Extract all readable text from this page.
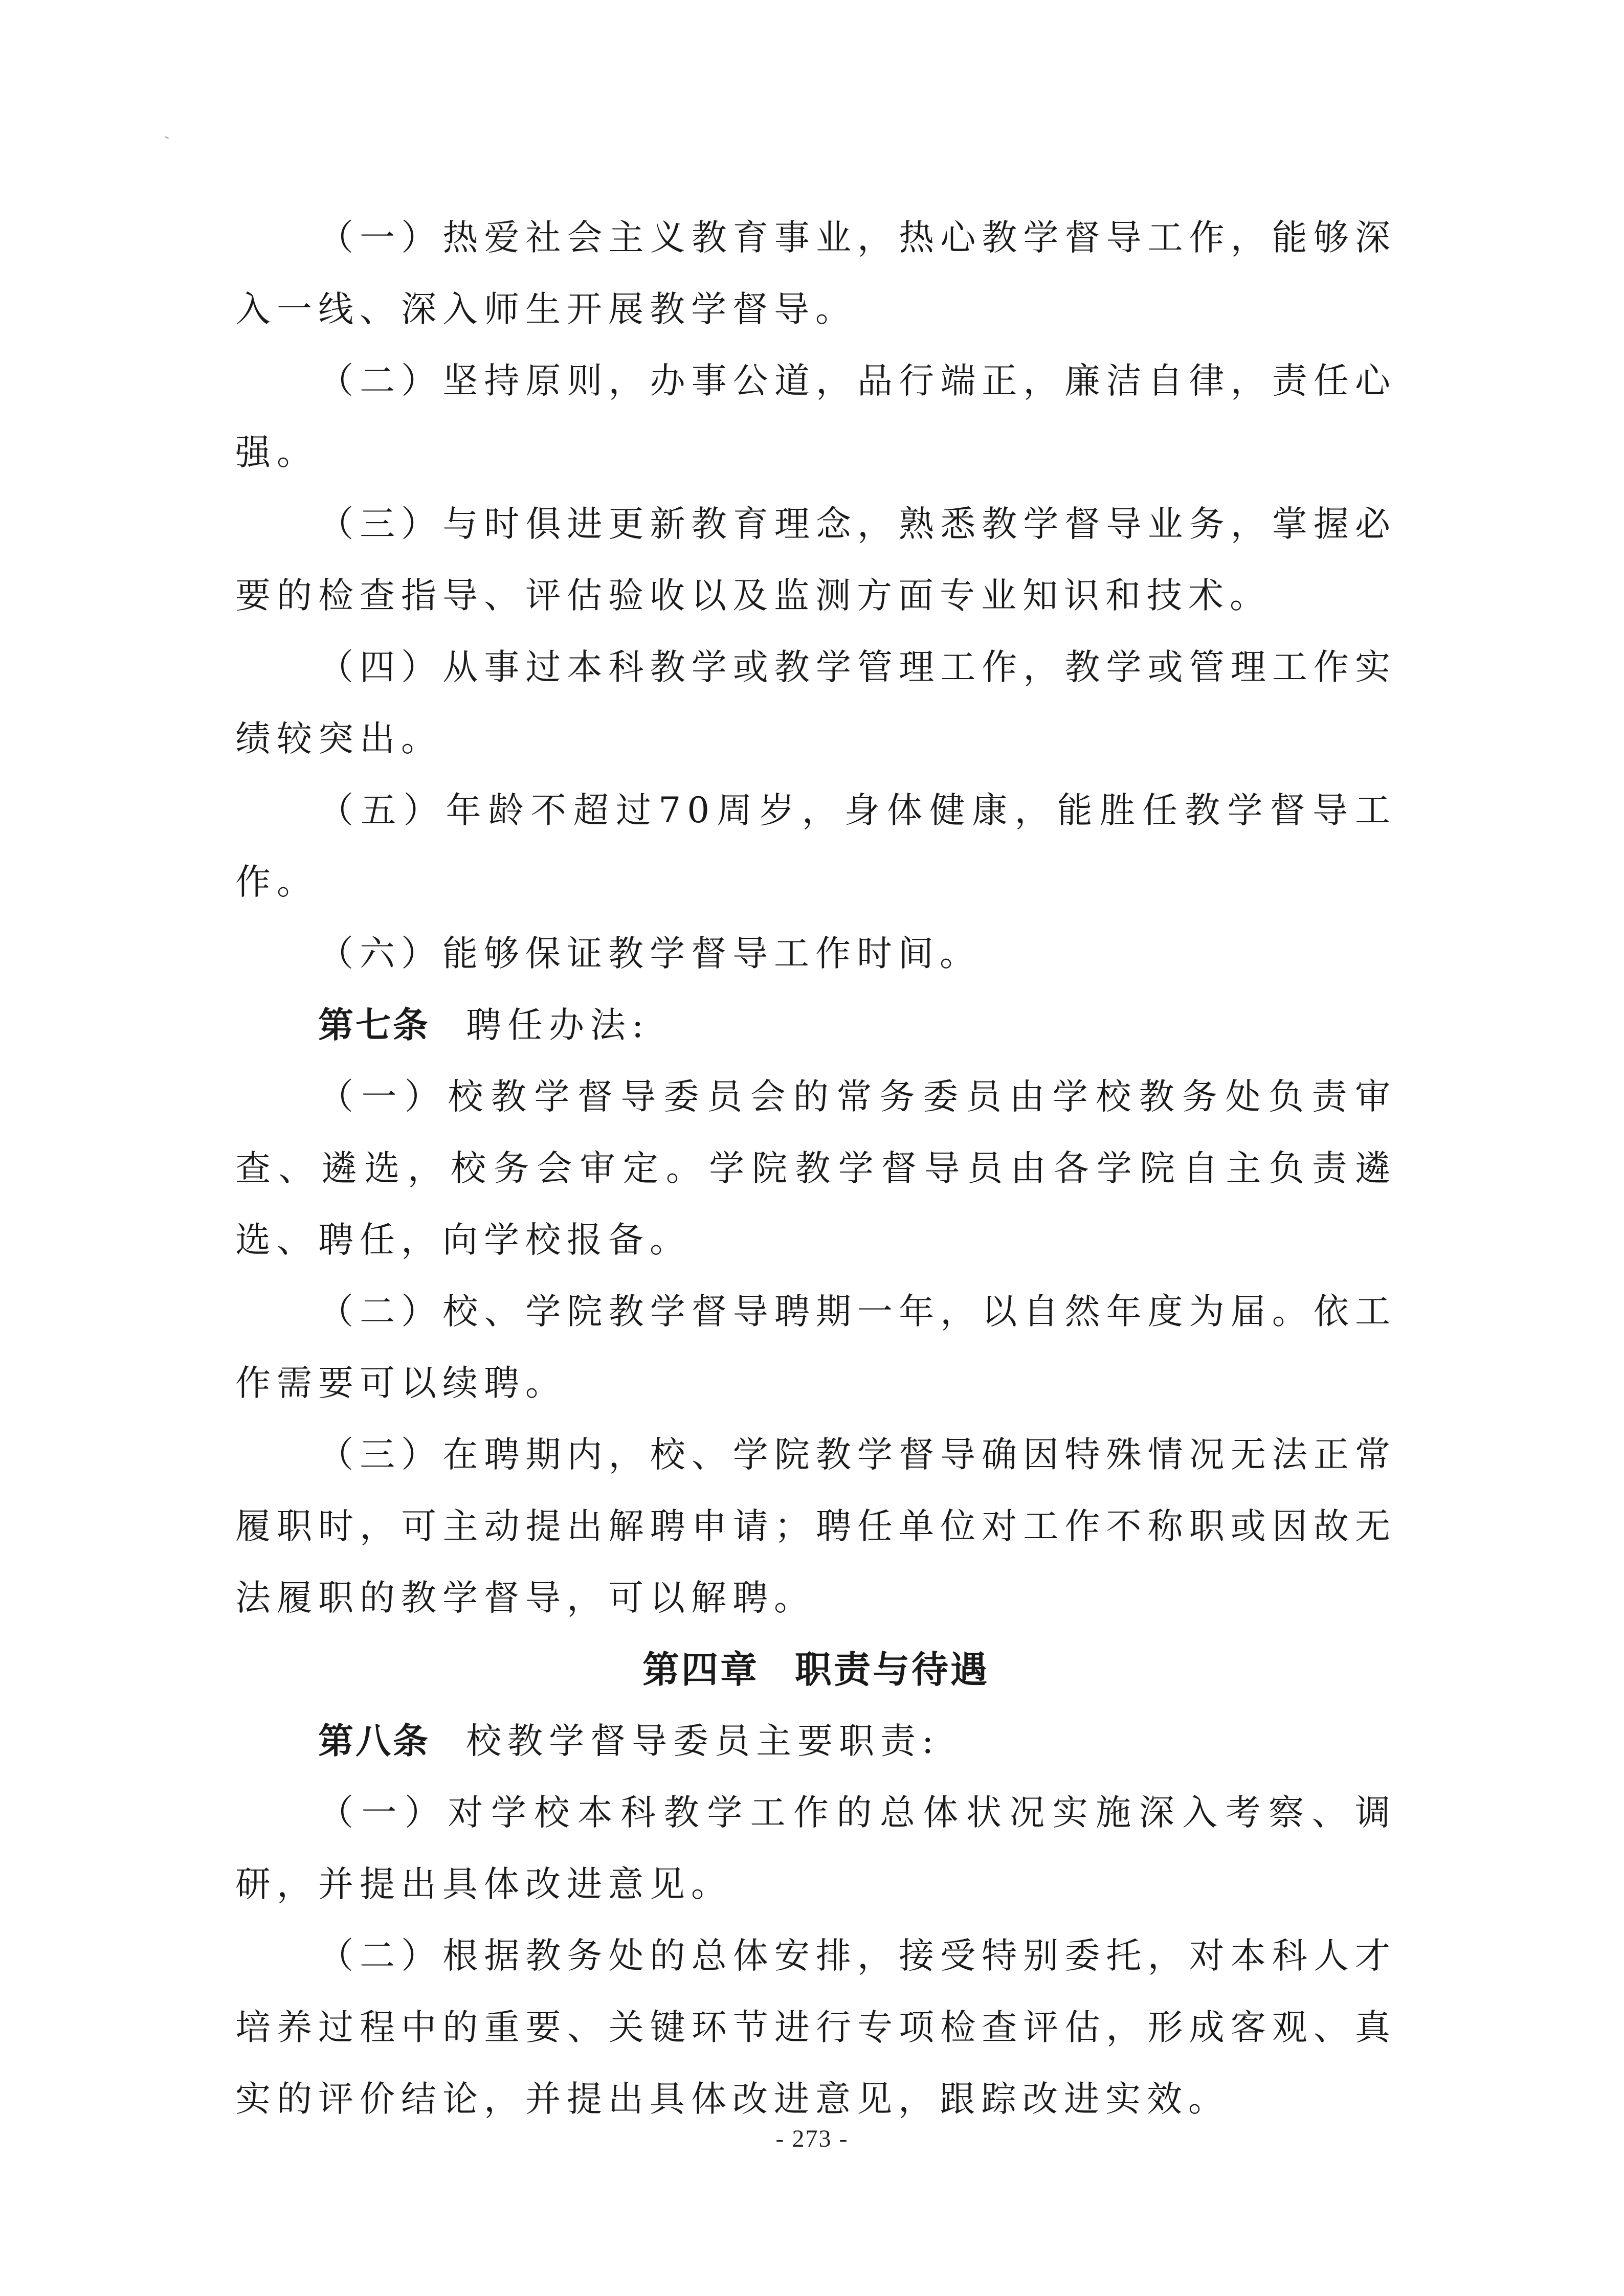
（一）热爱社会主义教育事业，热心教学督导工作，能够深入一线、深入师生开展教学督导。

（二）坚持原则，办事公道，品行端正，廉洁自律，责任心强。

（三）与时俱进更新教育理念，熟悉教学督导业务，掌握必要的检查指导、评估验收以及监测方面专业知识和技术。

（四）从事过本科教学或教学管理工作，教学或管理工作实绩较突出。

（五）年龄不超过70周岁，身体健康，能胜任教学督导工作。

（六）能够保证教学督导工作时间。

第七条 聘任办法:

（一）校教学督导委员会的常务委员由学校教务处负责审查、遴选，校务会审定。学院教学督导员由各学院自主负责遴选、聘任，向学校报备。

（二）校、学院教学督导聘期一年，以自然年度为届。依工作需要可以续聘。

（三）在聘期内，校、学院教学督导确因特殊情况无法正常履职时，可主动提出解聘申请；聘任单位对工作不称职或因故无法履职的教学督导，可以解聘。

第四章 职责与待遇

第八条 校教学督导委员主要职责:

（一）对学校本科教学工作的总体状况实施深入考察、调研，并提出具体改进意见。

（二）根据教务处的总体安排，接受特别委托，对本科人才培养过程中的重要、关键环节进行专项检查评估，形成客观、真实的评价结论，并提出具体改进意见，跟踪改进实效。

- 273 -
